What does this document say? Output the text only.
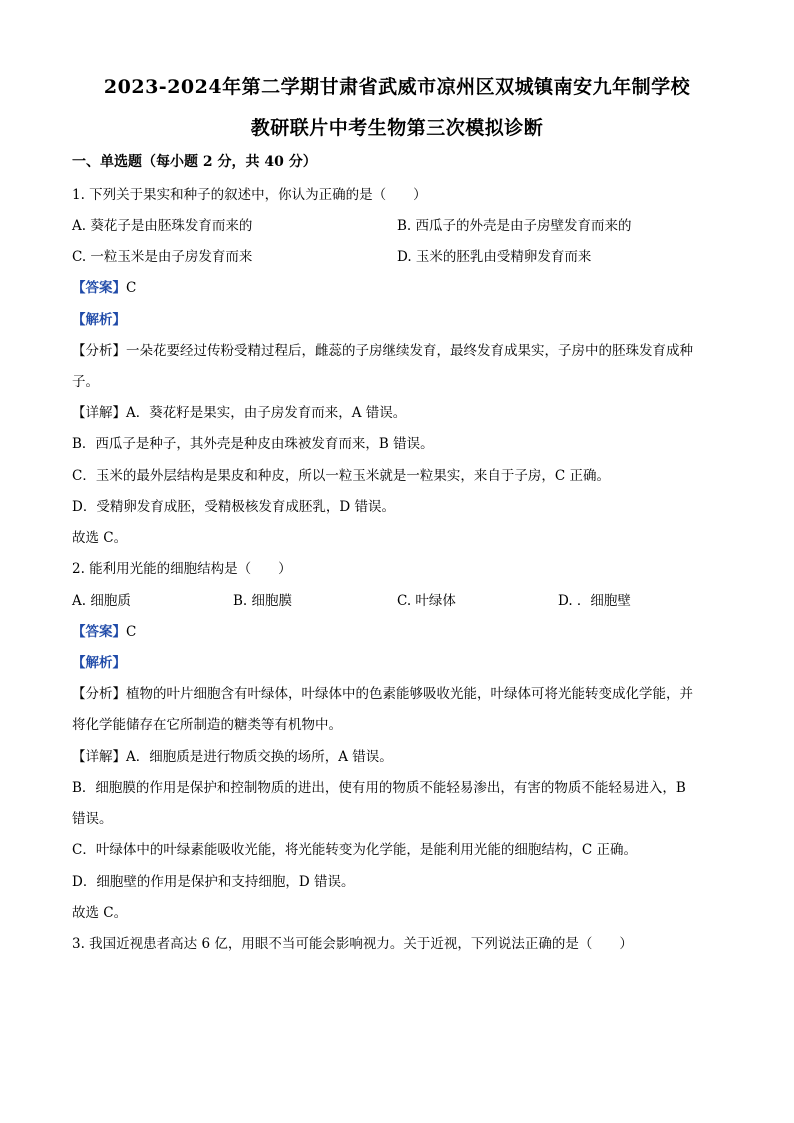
2023-2024年第二学期甘肃省武威市凉州区双城镇南安九年制学校
教研联片中考生物第三次模拟诊断
一、单选题（每小题 2 分，共 40 分）
1. 下列关于果实和种子的叙述中，你认为正确的是（　　）
A. 葵花子是由胚珠发育而来的	B. 西瓜子的外壳是由子房壁发育而来的
C. 一粒玉米是由子房发育而来	D. 玉米的胚乳由受精卵发育而来
【答案】C
【解析】
【分析】一朵花要经过传粉受精过程后，雌蕊的子房继续发育，最终发育成果实，子房中的胚珠发育成种
子。
【详解】A．葵花籽是果实，由子房发育而来，A 错误。
B．西瓜子是种子，其外壳是种皮由珠被发育而来，B 错误。
C．玉米的最外层结构是果皮和种皮，所以一粒玉米就是一粒果实，来自于子房，C 正确。
D．受精卵发育成胚，受精极核发育成胚乳，D 错误。
故选 C。
2. 能利用光能的细胞结构是（　　）
A. 细胞质	B. 细胞膜	C. 叶绿体	D. ．细胞壁
【答案】C
【解析】
【分析】植物的叶片细胞含有叶绿体，叶绿体中的色素能够吸收光能，叶绿体可将光能转变成化学能，并
将化学能储存在它所制造的糖类等有机物中。
【详解】A．细胞质是进行物质交换的场所，A 错误。
B．细胞膜的作用是保护和控制物质的进出，使有用的物质不能轻易渗出，有害的物质不能轻易进入，B
错误。
C．叶绿体中的叶绿素能吸收光能，将光能转变为化学能，是能利用光能的细胞结构，C 正确。
D．细胞壁的作用是保护和支持细胞，D 错误。
故选 C。
3. 我国近视患者高达 6 亿，用眼不当可能会影响视力。关于近视，下列说法正确的是（　　）
